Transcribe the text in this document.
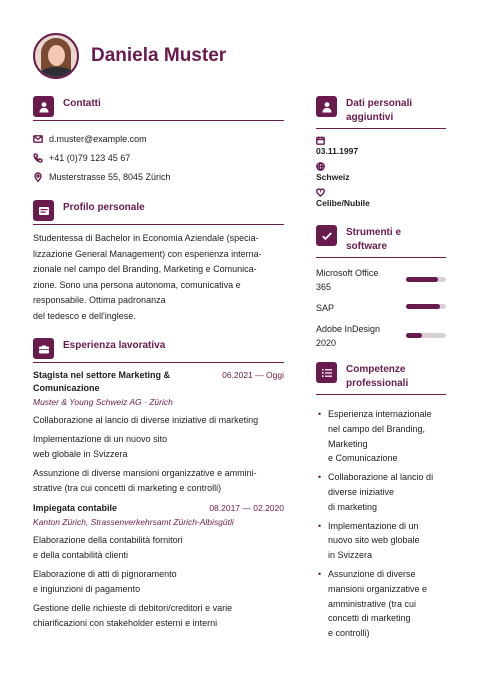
Daniela Muster
Contatti
d.muster@example.com
+41 (0)79 123 45 67
Musterstrasse 55, 8045 Zürich
Profilo personale
Studentessa di Bachelor in Economia Aziendale (specia-
lizzazione General Management) con esperienza interna-
zionale nel campo del Branding, Marketing e Comunica-
zione. Sono una persona autonoma, comunicativa e
responsabile. Ottima padronanza
del tedesco e dell'inglese.
Esperienza lavorativa
Stagista nel settore Marketing & Comunicazione
06.2021 — Oggi
Muster & Young Schweiz AG · Zürich
Collaborazione al lancio di diverse iniziative di marketing
Implementazione di un nuovo sito
web globale in Svizzera
Assunzione di diverse mansioni organizzative e ammini-
strative (tra cui concetti di marketing e controlli)
Impiegata contabile	08.2017 — 02.2020
Kanton Zürich, Strassenverkehrsamt Zürich-Albisgütli
Elaborazione della contabilità fornitori
e della contabilità clienti
Elaborazione di atti di pignoramento
e ingiunzioni di pagamento
Gestione delle richieste di debitori/creditori e varie
chiarificazioni con stakeholder esterni e interni
Dati personali
aggiuntivi
03.11.1997
Schweiz
Celibe/Nubile
Strumenti e
software
Microsoft Office
365
SAP
Adobe InDesign
2020
Competenze
professionali
• Esperienza internazionale
nel campo del Branding,
Marketing
e Comunicazione
• Collaborazione al lancio di
diverse iniziative
di marketing
• Implementazione di un
nuovo sito web globale
in Svizzera
• Assunzione di diverse
mansioni organizzative e
amministrative (tra cui
concetti di marketing
e controlli)
